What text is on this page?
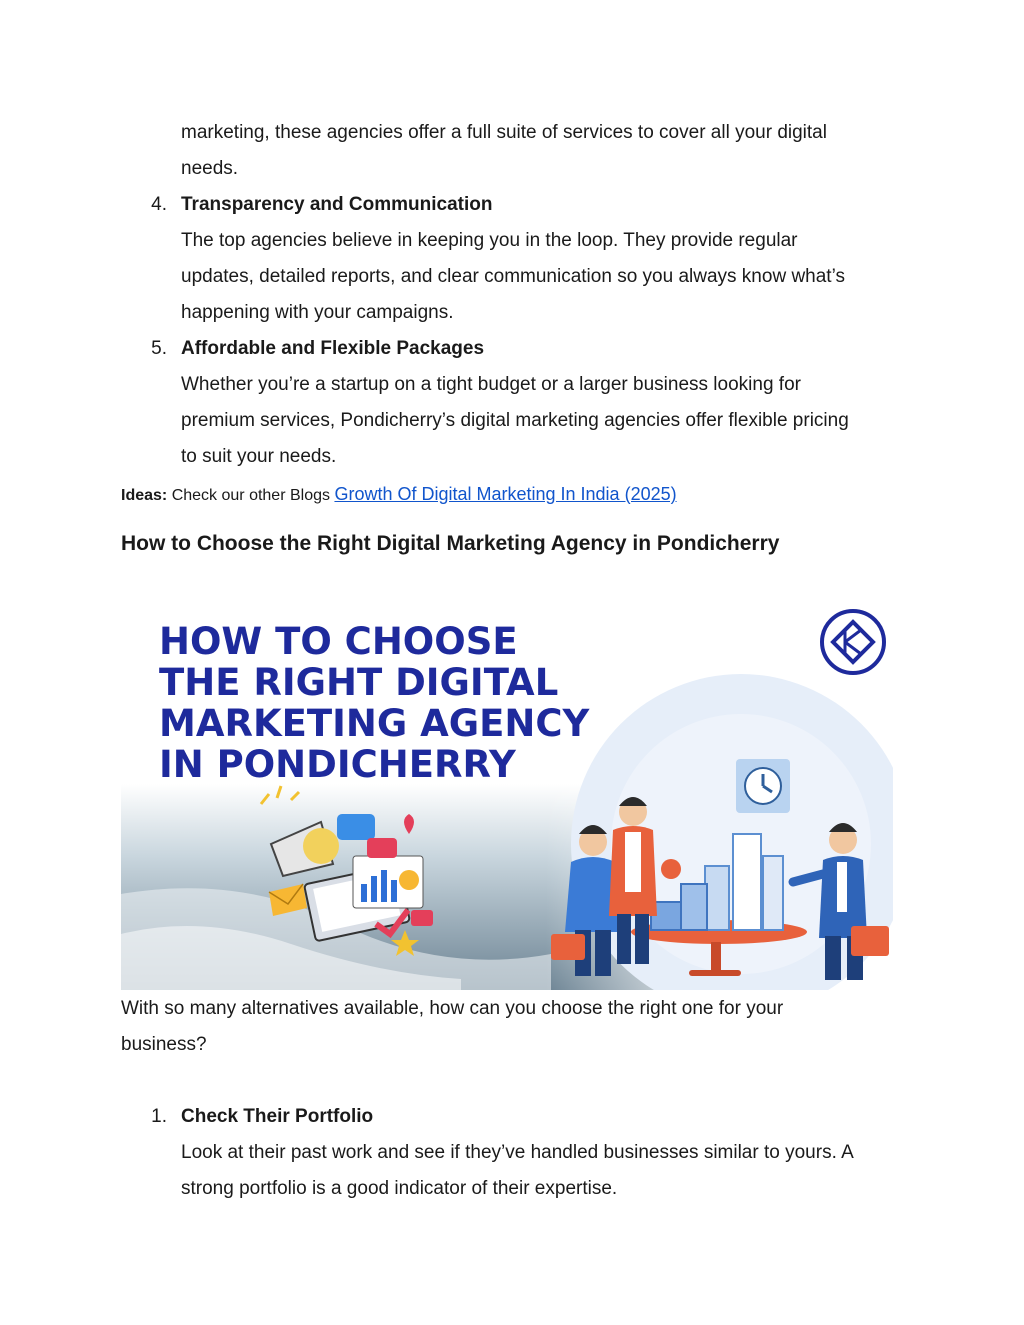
marketing, these agencies offer a full suite of services to cover all your digital
needs.
4. Transparency and Communication
The top agencies believe in keeping you in the loop. They provide regular
updates, detailed reports, and clear communication so you always know what’s
happening with your campaigns.
5. Affordable and Flexible Packages
Whether you’re a startup on a tight budget or a larger business looking for
premium services, Pondicherry’s digital marketing agencies offer flexible pricing
to suit your needs.
Ideas: Check our other Blogs Growth Of Digital Marketing In India (2025)
How to Choose the Right Digital Marketing Agency in Pondicherry
HOW TO CHOOSE
THE RIGHT DIGITAL
MARKETING AGENCY
IN PONDICHERRY
With so many alternatives available, how can you choose the right one for your
business?
1. Check Their Portfolio
Look at their past work and see if they’ve handled businesses similar to yours. A
strong portfolio is a good indicator of their expertise.
